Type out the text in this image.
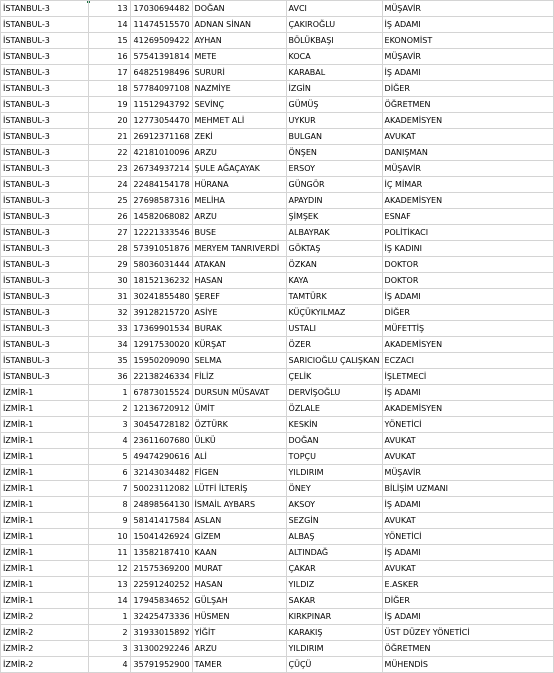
İSTANBUL-3	13	17030694482	DOĞAN	AVCI	MÜŞAVİR
İSTANBUL-3	14	11474515570	ADNAN SİNAN	ÇAKIROĞLU	İŞ ADAMI
İSTANBUL-3	15	41269509422	AYHAN	BÖLÜKBAŞI	EKONOMİST
İSTANBUL-3	16	57541391814	METE	KOCA	MÜŞAVİR
İSTANBUL-3	17	64825198496	SURURİ	KARABAL	İŞ ADAMI
İSTANBUL-3	18	57784097108	NAZMİYE	İZGİN	DİĞER
İSTANBUL-3	19	11512943792	SEVİNÇ	GÜMÜŞ	ÖĞRETMEN
İSTANBUL-3	20	12773054470	MEHMET ALİ	UYKUR	AKADEMİSYEN
İSTANBUL-3	21	26912371168	ZEKİ	BULGAN	AVUKAT
İSTANBUL-3	22	42181010096	ARZU	ÖNŞEN	DANIŞMAN
İSTANBUL-3	23	26734937214	ŞULE AĞAÇAYAK	ERSOY	MÜŞAVİR
İSTANBUL-3	24	22484154178	HÜRANA	GÜNGÖR	İÇ MİMAR
İSTANBUL-3	25	27698587316	MELİHA	APAYDIN	AKADEMİSYEN
İSTANBUL-3	26	14582068082	ARZU	ŞİMŞEK	ESNAF
İSTANBUL-3	27	12221333546	BUSE	ALBAYRAK	POLİTİKACI
İSTANBUL-3	28	57391051876	MERYEM TANRIVERDİ	GÖKTAŞ	İŞ KADINI
İSTANBUL-3	29	58036031444	ATAKAN	ÖZKAN	DOKTOR
İSTANBUL-3	30	18152136232	HASAN	KAYA	DOKTOR
İSTANBUL-3	31	30241855480	ŞEREF	TAMTÜRK	İŞ ADAMI
İSTANBUL-3	32	39128215720	ASİYE	KÜÇÜKYILMAZ	DİĞER
İSTANBUL-3	33	17369901534	BURAK	USTALI	MÜFETTİŞ
İSTANBUL-3	34	12917530020	KÜRŞAT	ÖZER	AKADEMİSYEN
İSTANBUL-3	35	15950209090	SELMA	SARICIOĞLU ÇALIŞKAN	ECZACI
İSTANBUL-3	36	22138246334	FİLİZ	ÇELİK	İŞLETMECİ
İZMİR-1	1	67873015524	DURSUN MÜSAVAT	DERVİŞOĞLU	İŞ ADAMI
İZMİR-1	2	12136720912	ÜMİT	ÖZLALE	AKADEMİSYEN
İZMİR-1	3	30454728182	ÖZTÜRK	KESKİN	YÖNETİCİ
İZMİR-1	4	23611607680	ÜLKÜ	DOĞAN	AVUKAT
İZMİR-1	5	49474290616	ALİ	TOPÇU	AVUKAT
İZMİR-1	6	32143034482	FİGEN	YILDIRIM	MÜŞAVİR
İZMİR-1	7	50023112082	LÜTFİ İLTERİŞ	ÖNEY	BİLİŞİM UZMANI
İZMİR-1	8	24898564130	İSMAİL AYBARS	AKSOY	İŞ ADAMI
İZMİR-1	9	58141417584	ASLAN	SEZGİN	AVUKAT
İZMİR-1	10	15041426924	GİZEM	ALBAŞ	YÖNETİCİ
İZMİR-1	11	13582187410	KAAN	ALTINDAĞ	İŞ ADAMI
İZMİR-1	12	21575369200	MURAT	ÇAKAR	AVUKAT
İZMİR-1	13	22591240252	HASAN	YILDIZ	E.ASKER
İZMİR-1	14	17945834652	GÜLŞAH	SAKAR	DİĞER
İZMİR-2	1	32425473336	HÜSMEN	KIRKPINAR	İŞ ADAMI
İZMİR-2	2	31933015892	YİĞİT	KARAKIŞ	ÜST DÜZEY YÖNETİCİ
İZMİR-2	3	31300292246	ARZU	YILDIRIM	ÖĞRETMEN
İZMİR-2	4	35791952900	TAMER	ÇÜÇÜ	MÜHENDİS
